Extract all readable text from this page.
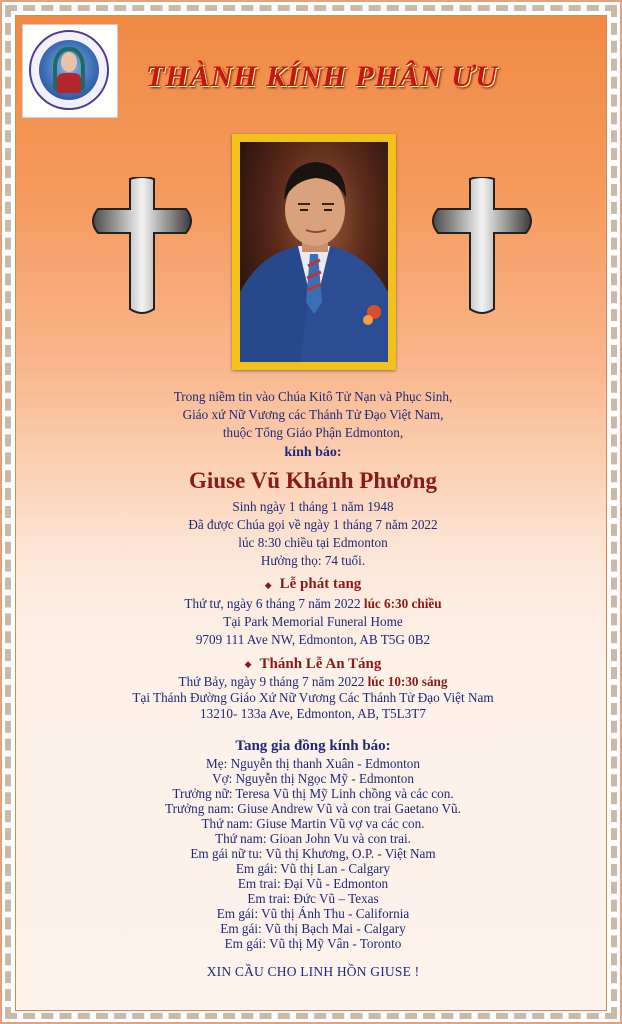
THÀNH KÍNH PHÂN ƯU

Trong niềm tin vào Chúa Kitô Tử Nạn và Phục Sinh,

Giáo xứ Nữ Vương các Thánh Tử Đạo Việt Nam,

thuộc Tổng Giáo Phận Edmonton,

kính báo:
Giuse Vũ Khánh Phương

Sinh ngày 1 tháng 1 năm 1948

Đã được Chúa gọi về ngày 1 tháng 7 năm 2022

lúc 8:30 chiều tại Edmonton

Hưởng thọ: 74 tuổi.

◆ Lễ phát tang

Thứ tư, ngày 6 tháng 7 năm 2022 lúc 6:30 chiều

Tại Park Memorial Funeral Home

9709 111 Ave NW, Edmonton, AB T5G 0B2

◆ Thánh Lễ An Táng

Thứ Bảy, ngày 9 tháng 7 năm 2022 lúc 10:30 sáng

Tại Thánh Đường Giáo Xứ Nữ Vương Các Thánh Tử Đạo Việt Nam

13210- 133a Ave, Edmonton, AB, T5L3T7

Tang gia đồng kính báo:

Mẹ: Nguyễn thị thanh Xuân - Edmonton

Vợ: Nguyễn thị Ngọc Mỹ - Edmonton

Trưởng nữ: Teresa Vũ thị Mỹ Linh chồng và các con.

Trưởng nam: Giuse Andrew Vũ và con trai Gaetano Vũ.

Thứ nam: Giuse Martin Vũ vợ va các con.

Thứ nam: Gioan John Vu và con trai.

Em gái nữ tu: Vũ thị Khương, O.P. - Việt Nam

Em gái: Vũ thị Lan - Calgary

Em trai: Đại Vũ - Edmonton

Em trai: Đức Vũ – Texas

Em gái: Vũ thị Ánh Thu - California

Em gái: Vũ thị Bạch Mai - Calgary

Em gái: Vũ thị Mỹ Vân - Toronto

XIN CẦU CHO LINH HỒN GIUSE !
